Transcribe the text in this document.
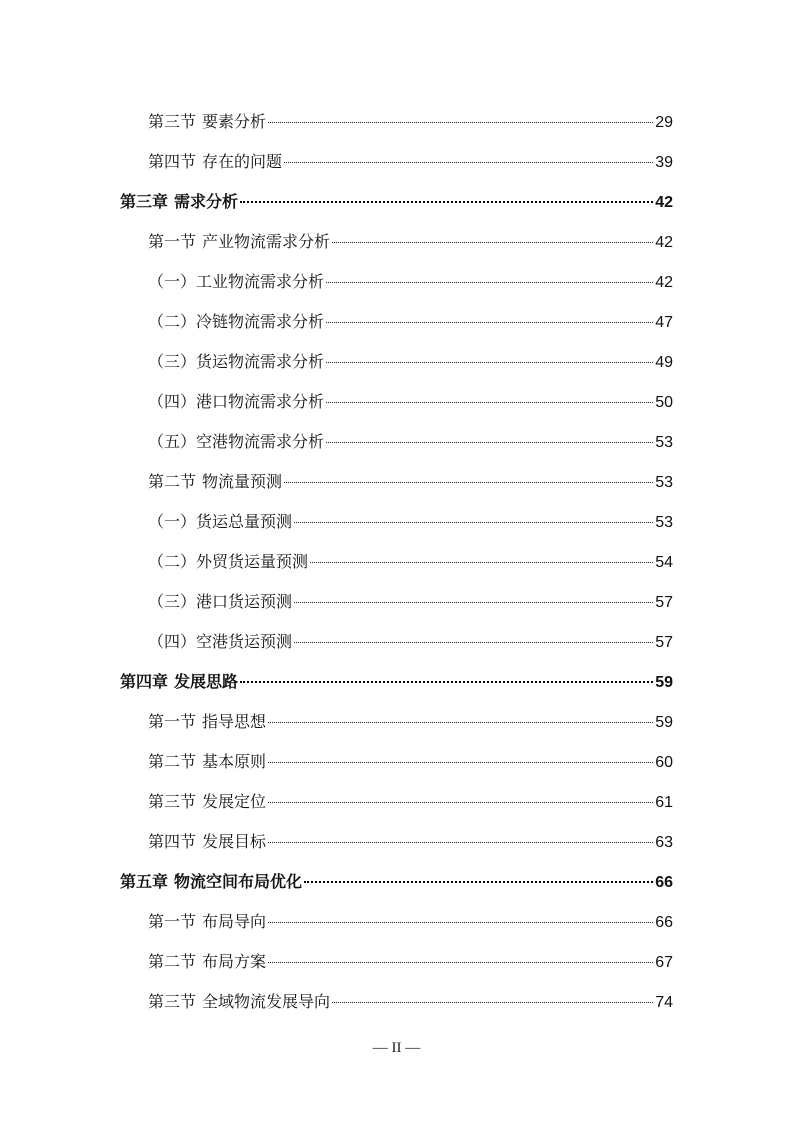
第三节 要素分析	29
第四节 存在的问题	39
第三章 需求分析	42
第一节 产业物流需求分析	42
（一）工业物流需求分析	42
（二）冷链物流需求分析	47
（三）货运物流需求分析	49
（四）港口物流需求分析	50
（五）空港物流需求分析	53
第二节 物流量预测	53
（一）货运总量预测	53
（二）外贸货运量预测	54
（三）港口货运预测	57
（四）空港货运预测	57
第四章 发展思路	59
第一节 指导思想	59
第二节 基本原则	60
第三节 发展定位	61
第四节 发展目标	63
第五章 物流空间布局优化	66
第一节 布局导向	66
第二节 布局方案	67
第三节 全域物流发展导向	74
— II —
